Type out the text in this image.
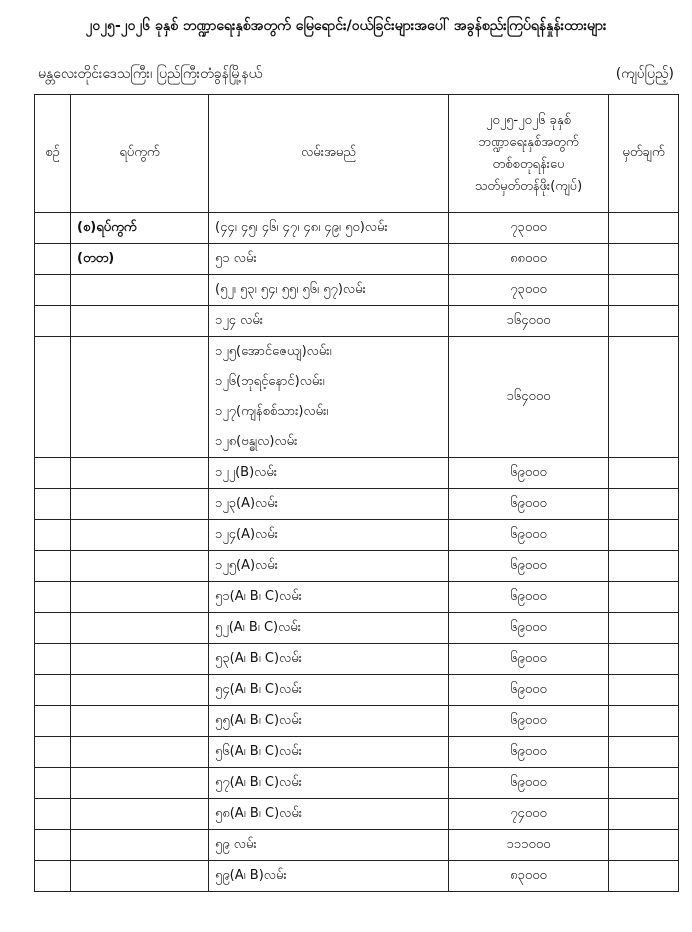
၂၀၂၅-၂၀၂၆ ခုနှစ် ဘဏ္ဍာရေးနှစ်အတွက် မြေရောင်း/ဝယ်ခြင်းများအပေါ် အခွန်စည်းကြပ်ရန်နှုန်းထားများ
မန္တလေးတိုင်းဒေသကြီး၊ ပြည်ကြီးတံခွန်မြို့နယ်	(ကျပ်ပြည့်)
စဉ်	ရပ်ကွက်	လမ်းအမည်	၂၀၂၅-၂၀၂၆ ခုနှစ်
ဘဏ္ဍာရေးနှစ်အတွက်
တစ်စတုရန်းပေ
သတ်မှတ်တန်ဖိုး(ကျပ်)	မှတ်ချက်
	(စ)ရပ်ကွက်	(၄၄၊ ၄၅၊ ၄၆၊ ၄၇၊ ၄၈၊ ၄၉၊ ၅၀)လမ်း	၇၃၀၀၀	
	(တတ)	၅၁ လမ်း	၈၈၀၀၀	
		(၅၂၊ ၅၃၊ ၅၄၊ ၅၅၊ ၅၆၊ ၅၇)လမ်း	၇၃၀၀၀	
		၁၂၄ လမ်း	၁၆၄၀၀၀	

		၁၂၅(အောင်ဇေယျ)လမ်း၊
၁၂၆(ဘုရင့်နောင်)လမ်း၊
၁၂၇(ကျန်စစ်သား)လမ်း၊
၁၂၈(ဗန္ဓုလ)လမ်း	၁၆၄၀၀၀	
		၁၂၂(B)လမ်း	၆၉၀၀၀	
		၁၂၃(A)လမ်း	၆၉၀၀၀	
		၁၂၄(A)လမ်း	၆၉၀၀၀	
		၁၂၅(A)လမ်း	၆၉၀၀၀	
		၅၁(A၊ B၊ C)လမ်း	၆၉၀၀၀	
		၅၂(A၊ B၊ C)လမ်း	၆၉၀၀၀	
		၅၃(A၊ B၊ C)လမ်း	၆၉၀၀၀	
		၅၄(A၊ B၊ C)လမ်း	၆၉၀၀၀	
		၅၅(A၊ B၊ C)လမ်း	၆၉၀၀၀	
		၅၆(A၊ B၊ C)လမ်း	၆၉၀၀၀	
		၅၇(A၊ B၊ C)လမ်း	၆၉၀၀၀	
		၅၈(A၊ B၊ C)လမ်း	၇၄၀၀၀	
		၅၉ လမ်း	၁၁၁၀၀၀	
		၅၉(A၊ B)လမ်း	၈၃၀၀၀	
